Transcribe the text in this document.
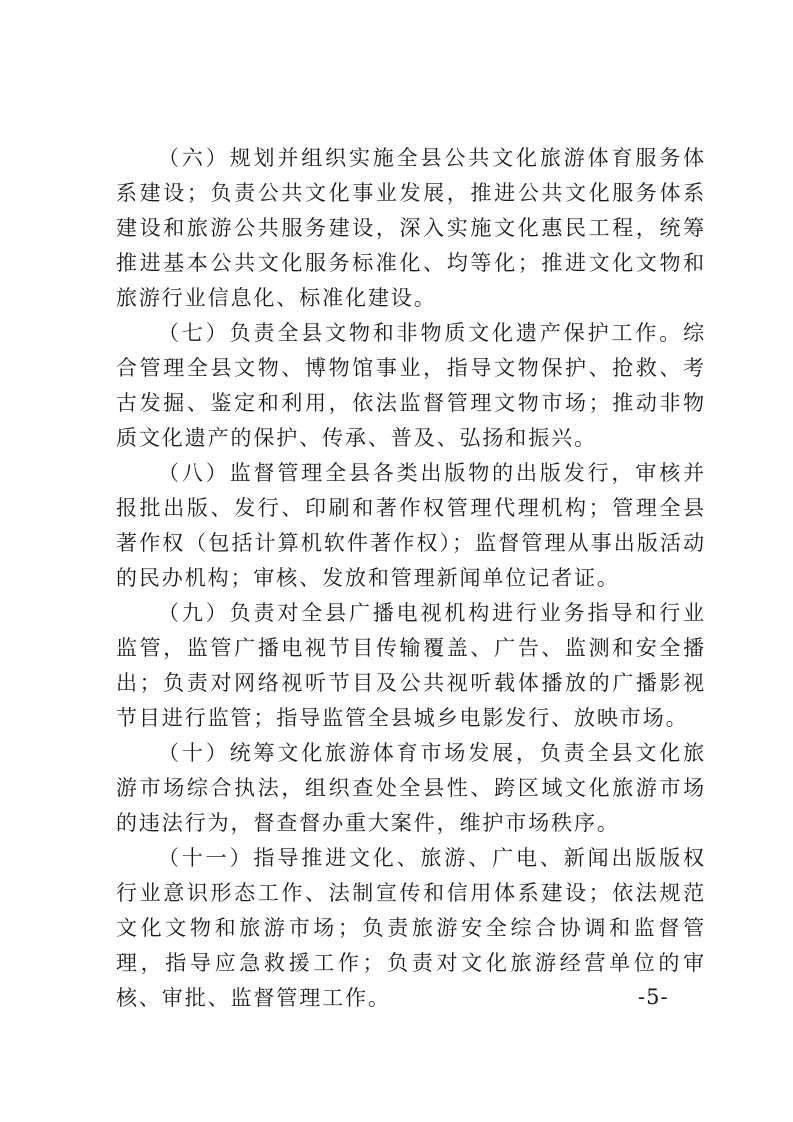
（六）规划并组织实施全县公共文化旅游体育服务体系建设；负责公共文化事业发展，推进公共文化服务体系建设和旅游公共服务建设，深入实施文化惠民工程，统筹推进基本公共文化服务标准化、均等化；推进文化文物和旅游行业信息化、标准化建设。

（七）负责全县文物和非物质文化遗产保护工作。综合管理全县文物、博物馆事业，指导文物保护、抢救、考古发掘、鉴定和利用，依法监督管理文物市场；推动非物质文化遗产的保护、传承、普及、弘扬和振兴。

（八）监督管理全县各类出版物的出版发行，审核并报批出版、发行、印刷和著作权管理代理机构；管理全县著作权（包括计算机软件著作权）；监督管理从事出版活动的民办机构；审核、发放和管理新闻单位记者证。

（九）负责对全县广播电视机构进行业务指导和行业监管，监管广播电视节目传输覆盖、广告、监测和安全播出；负责对网络视听节目及公共视听载体播放的广播影视节目进行监管；指导监管全县城乡电影发行、放映市场。

（十）统筹文化旅游体育市场发展，负责全县文化旅游市场综合执法，组织查处全县性、跨区域文化旅游市场的违法行为，督查督办重大案件，维护市场秩序。

（十一）指导推进文化、旅游、广电、新闻出版版权行业意识形态工作、法制宣传和信用体系建设；依法规范文化文物和旅游市场；负责旅游安全综合协调和监督管理，指导应急救援工作；负责对文化旅游经营单位的审核、审批、监督管理工作。	-5-
